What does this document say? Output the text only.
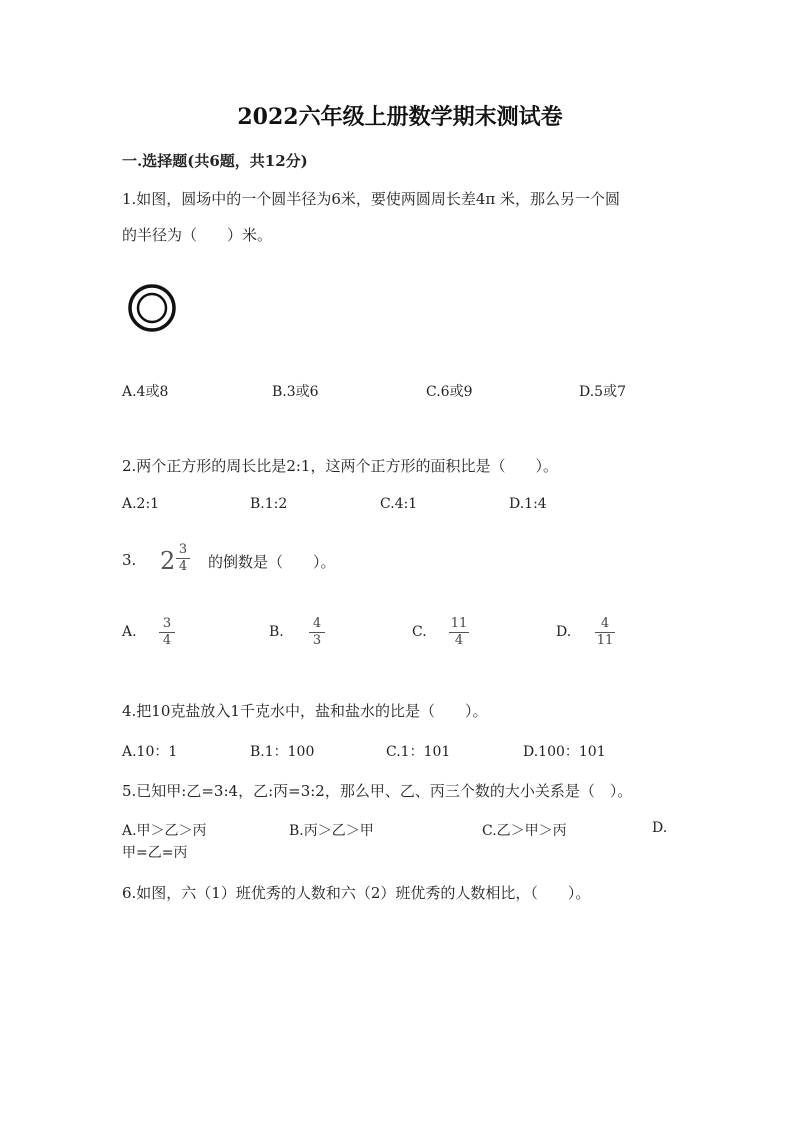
2022六年级上册数学期末测试卷
一.选择题(共6题，共12分)
1.如图，圆场中的一个圆半径为6米，要使两圆周长差4π 米，那么另一个圆
的半径为（　　）米。
A.4或8	B.3或6	C.6或9	D.5或7
2.两个正方形的周长比是2:1，这两个正方形的面积比是（　　）。
A.2:1	B.1:2	C.4:1	D.1:4
3. 2 3
4 的倒数是（　　）。
A.
3
4
B.
4
3
C.
11
4
D.
4
11
4.把10克盐放入1千克水中，盐和盐水的比是（　　）。
A.10：1	B.1：100	C.1：101	D.100：101
5.已知甲:乙=3:4，乙:丙=3:2，那么甲、乙、丙三个数的大小关系是（　）。
A.甲＞乙＞丙	B.丙＞乙＞甲	C.乙＞甲＞丙	D.
甲=乙=丙
6.如图，六（1）班优秀的人数和六（2）班优秀的人数相比，（　　）。
